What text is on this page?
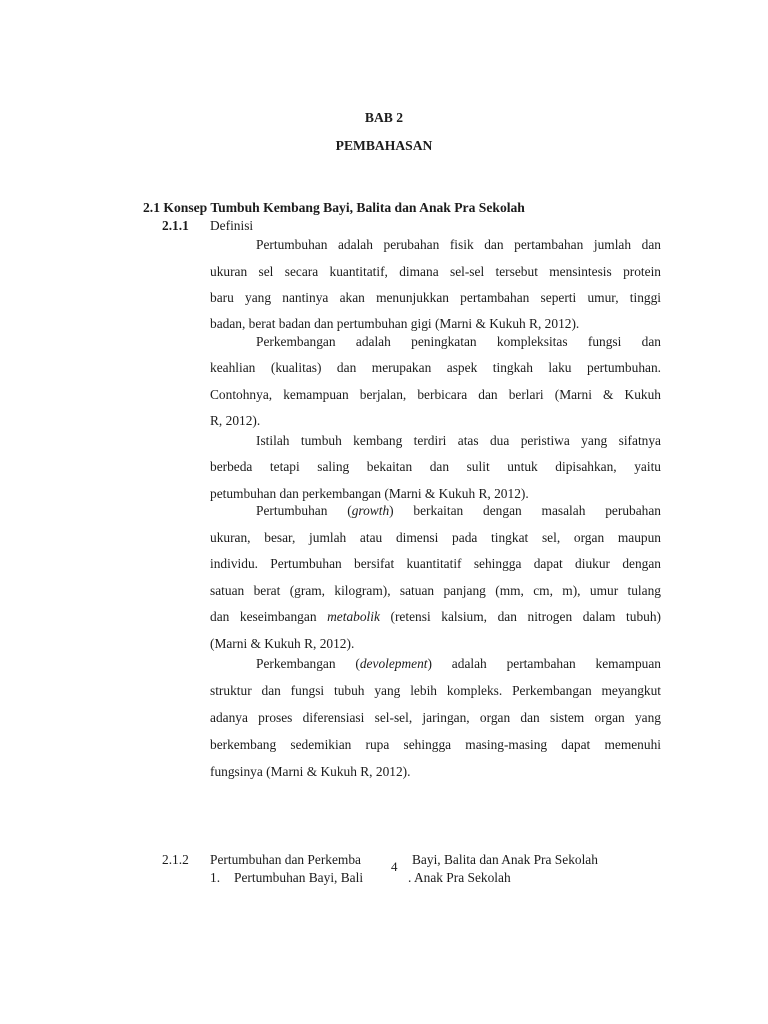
BAB 2
PEMBAHASAN
2.1 Konsep Tumbuh Kembang Bayi, Balita dan Anak Pra Sekolah
2.1.1 Definisi
Pertumbuhan adalah perubahan fisik dan pertambahan jumlah dan
ukuran sel secara kuantitatif, dimana sel-sel tersebut mensintesis protein
baru yang nantinya akan menunjukkan pertambahan seperti umur, tinggi
badan, berat badan dan pertumbuhan gigi (Marni & Kukuh R, 2012).
Perkembangan adalah peningkatan kompleksitas fungsi dan
keahlian (kualitas) dan merupakan aspek tingkah laku pertumbuhan.
Contohnya, kemampuan berjalan, berbicara dan berlari (Marni & Kukuh
R, 2012).
Istilah tumbuh kembang terdiri atas dua peristiwa yang sifatnya
berbeda tetapi saling bekaitan dan sulit untuk dipisahkan, yaitu
petumbuhan dan perkembangan (Marni & Kukuh R, 2012).
Pertumbuhan (growth) berkaitan dengan masalah perubahan
ukuran, besar, jumlah atau dimensi pada tingkat sel, organ maupun
individu. Pertumbuhan bersifat kuantitatif sehingga dapat diukur dengan
satuan berat (gram, kilogram), satuan panjang (mm, cm, m), umur tulang
dan keseimbangan metabolik (retensi kalsium, dan nitrogen dalam tubuh)
(Marni & Kukuh R, 2012).
Perkembangan (devolepment) adalah pertambahan kemampuan
struktur dan fungsi tubuh yang lebih kompleks. Perkembangan meyangkut
adanya proses diferensiasi sel-sel, jaringan, organ dan sistem organ yang
berkembang sedemikian rupa sehingga masing-masing dapat memenuhi
fungsinya (Marni & Kukuh R, 2012).
2.1.2 Pertumbuhan dan Perkemba	Bayi, Balita dan Anak Pra Sekolah
1. Pertumbuhan Bayi, Bali	. Anak Pra Sekolah
4
